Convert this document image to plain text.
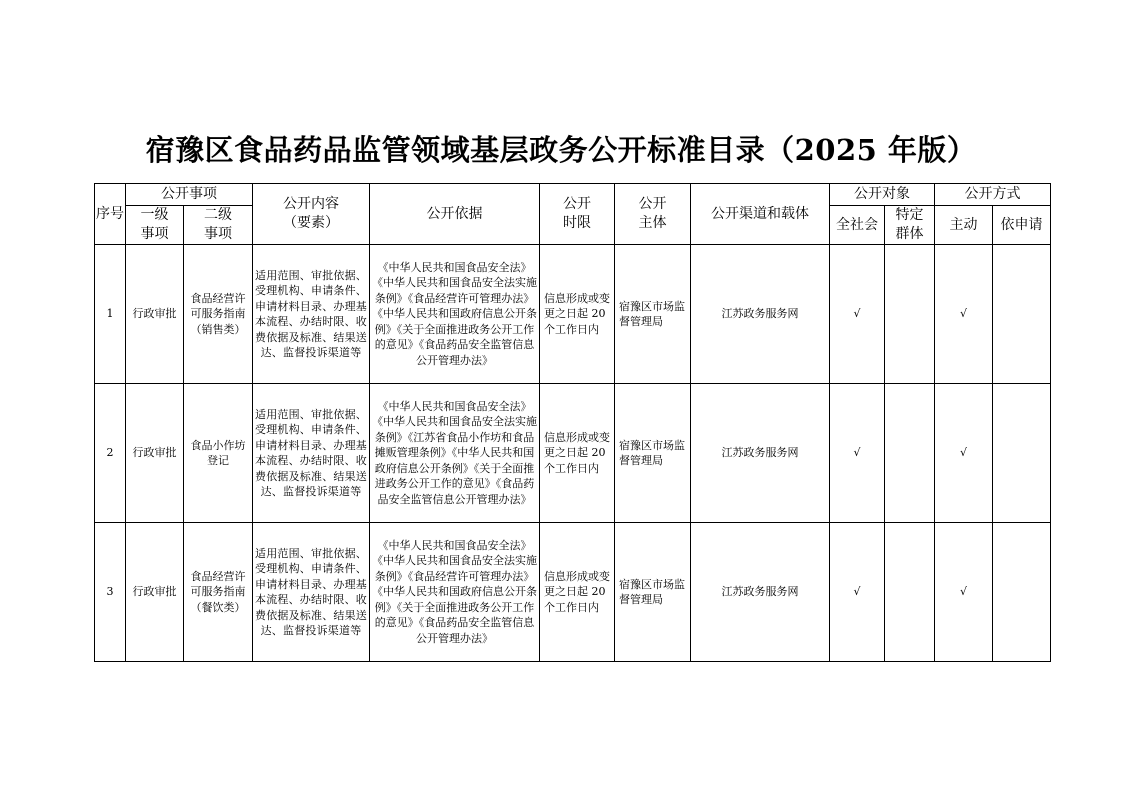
宿豫区食品药品监管领域基层政务公开标准目录（2025 年版）
序号	公开事项		公开内容（要素）	公开依据	公开时限	公开主体	公开渠道和载体	公开对象		公开方式	
	一级事项	二级事项						全社会	特定群体	主动	依申请
1	行政审批	食品经营许可服务指南（销售类）	适用范围、审批依据、受理机构、申请条件、申请材料目录、办理基本流程、办结时限、收费依据及标准、结果送达、监督投诉渠道等	《中华人民共和国食品安全法》《中华人民共和国食品安全法实施条例》《食品经营许可管理办法》《中华人民共和国政府信息公开条例》《关于全面推进政务公开工作的意见》《食品药品安全监管信息公开管理办法》	信息形成或变更之日起 20 个工作日内	宿豫区市场监督管理局	江苏政务服务网	√		√	
2	行政审批	食品小作坊登记	适用范围、审批依据、受理机构、申请条件、申请材料目录、办理基本流程、办结时限、收费依据及标准、结果送达、监督投诉渠道等	《中华人民共和国食品安全法》《中华人民共和国食品安全法实施条例》《江苏省食品小作坊和食品摊贩管理条例》《中华人民共和国政府信息公开条例》《关于全面推进政务公开工作的意见》《食品药品安全监管信息公开管理办法》	信息形成或变更之日起 20 个工作日内	宿豫区市场监督管理局	江苏政务服务网	√		√	
3	行政审批	食品经营许可服务指南（餐饮类）	适用范围、审批依据、受理机构、申请条件、申请材料目录、办理基本流程、办结时限、收费依据及标准、结果送达、监督投诉渠道等	《中华人民共和国食品安全法》《中华人民共和国食品安全法实施条例》《食品经营许可管理办法》《中华人民共和国政府信息公开条例》《关于全面推进政务公开工作的意见》《食品药品安全监管信息公开管理办法》	信息形成或变更之日起 20 个工作日内	宿豫区市场监督管理局	江苏政务服务网	√		√	
